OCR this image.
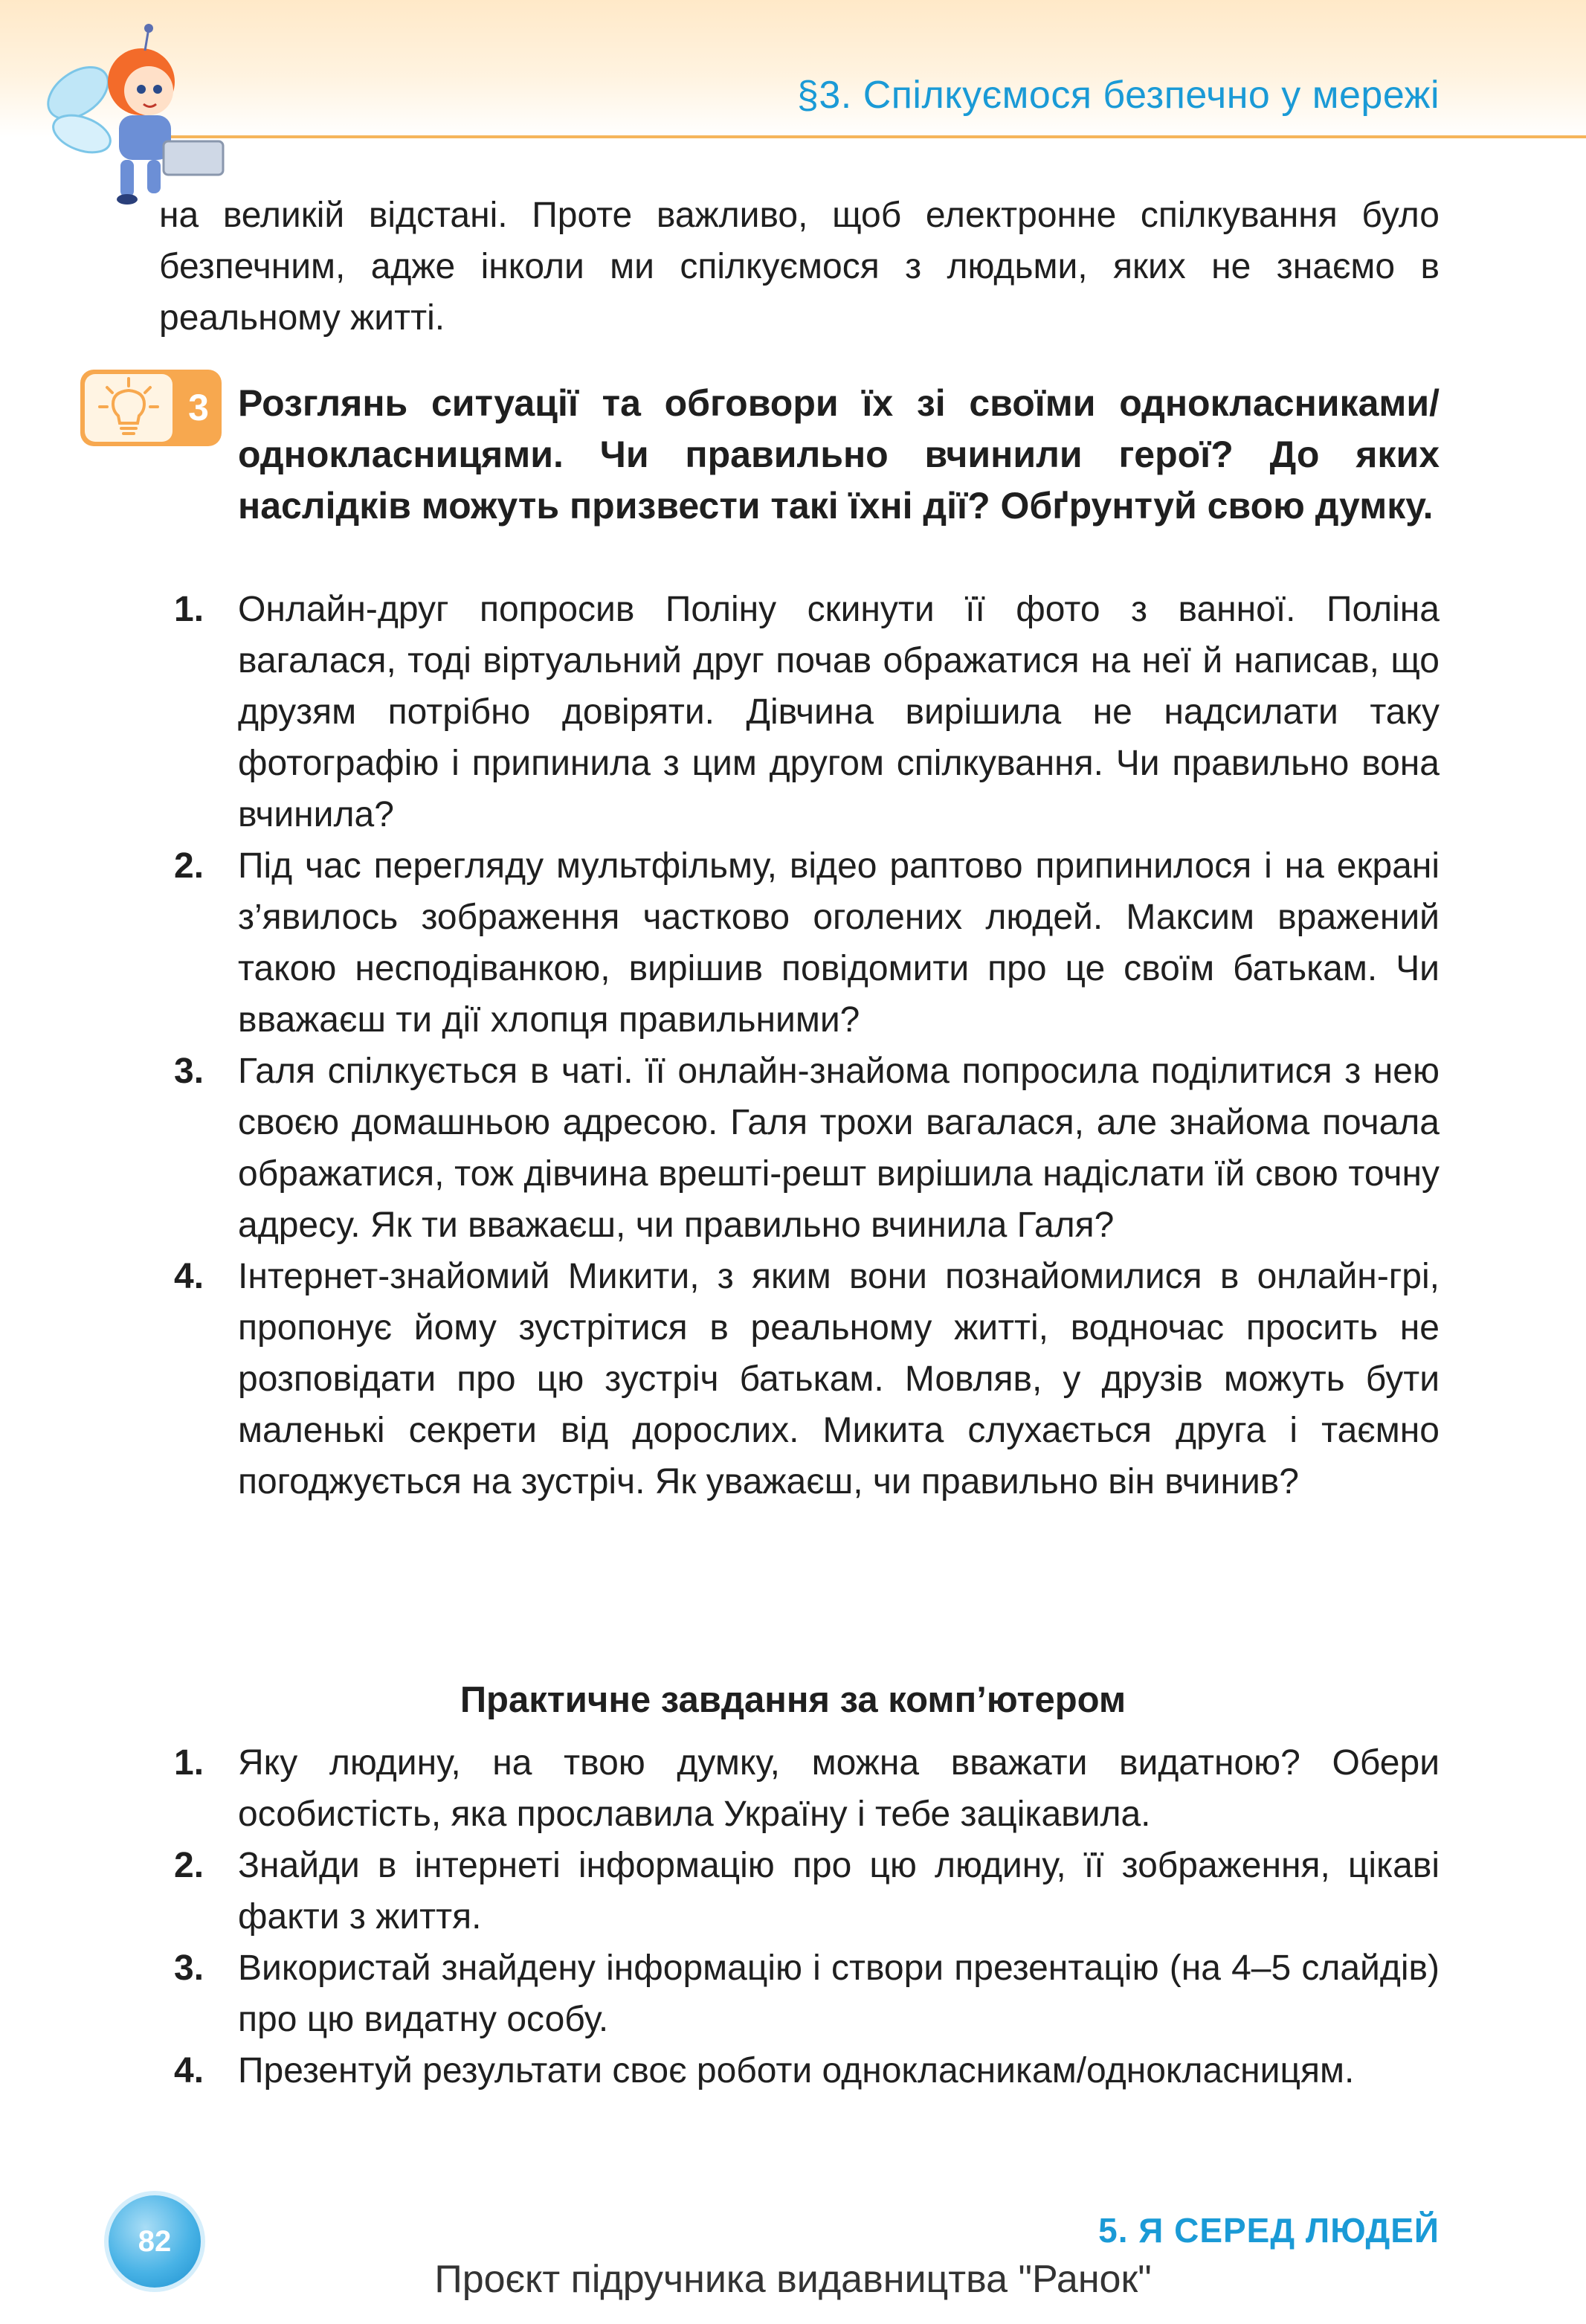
§3. Спілкуємося безпечно у мережі
на великій відстані. Проте важливо, щоб електронне спілкування було безпечним, адже інколи ми спілкуємося з людьми, яких не знаємо в реальному житті.
3 Розглянь ситуації та обговори їх зі своїми однокласниками/однокласницями. Чи правильно вчинили герої? До яких наслідків можуть призвести такі їхні дії? Обґрунтуй свою думку.
1. Онлайн-друг попросив Поліну скинути її фото з ванної. Поліна вагалася, тоді віртуальний друг почав ображатися на неї й написав, що друзям потрібно довіряти. Дівчина вирішила не надсилати таку фотографію і припинила з цим другом спілкування. Чи правильно вона вчинила?
2. Під час перегляду мультфільму, відео раптово припинилося і на екрані з’явилось зображення частково оголених людей. Максим вражений такою несподіванкою, вирішив повідомити про це своїм батькам. Чи вважаєш ти дії хлопця правильними?
3. Галя спілкується в чаті. її онлайн-знайома попросила поділитися з нею своєю домашньою адресою. Галя трохи вагалася, але знайома почала ображатися, тож дівчина врешті-решт вирішила надіслати їй свою точну адресу. Як ти вважаєш, чи правильно вчинила Галя?
4. Інтернет-знайомий Микити, з яким вони познайомилися в онлайн-грі, пропонує йому зустрітися в реальному житті, водночас просить не розповідати про цю зустріч батькам. Мовляв, у друзів можуть бути маленькі секрети від дорослих. Микита слухається друга і таємно погоджується на зустріч. Як уважаєш, чи правильно він вчинив?
Практичне завдання за комп’ютером
1. Яку людину, на твою думку, можна вважати видатною? Обери особистість, яка прославила Україну і тебе зацікавила.
2. Знайди в інтернеті інформацію про цю людину, її зображення, цікаві факти з життя.
3. Використай знайдену інформацію і створи презентацію (на 4–5 слайдів) про цю видатну особу.
4. Презентуй результати своє роботи однокласникам/однокласницям.
82	5. Я СЕРЕД ЛЮДЕЙ
Проєкт підручника видавництва "Ранок"
